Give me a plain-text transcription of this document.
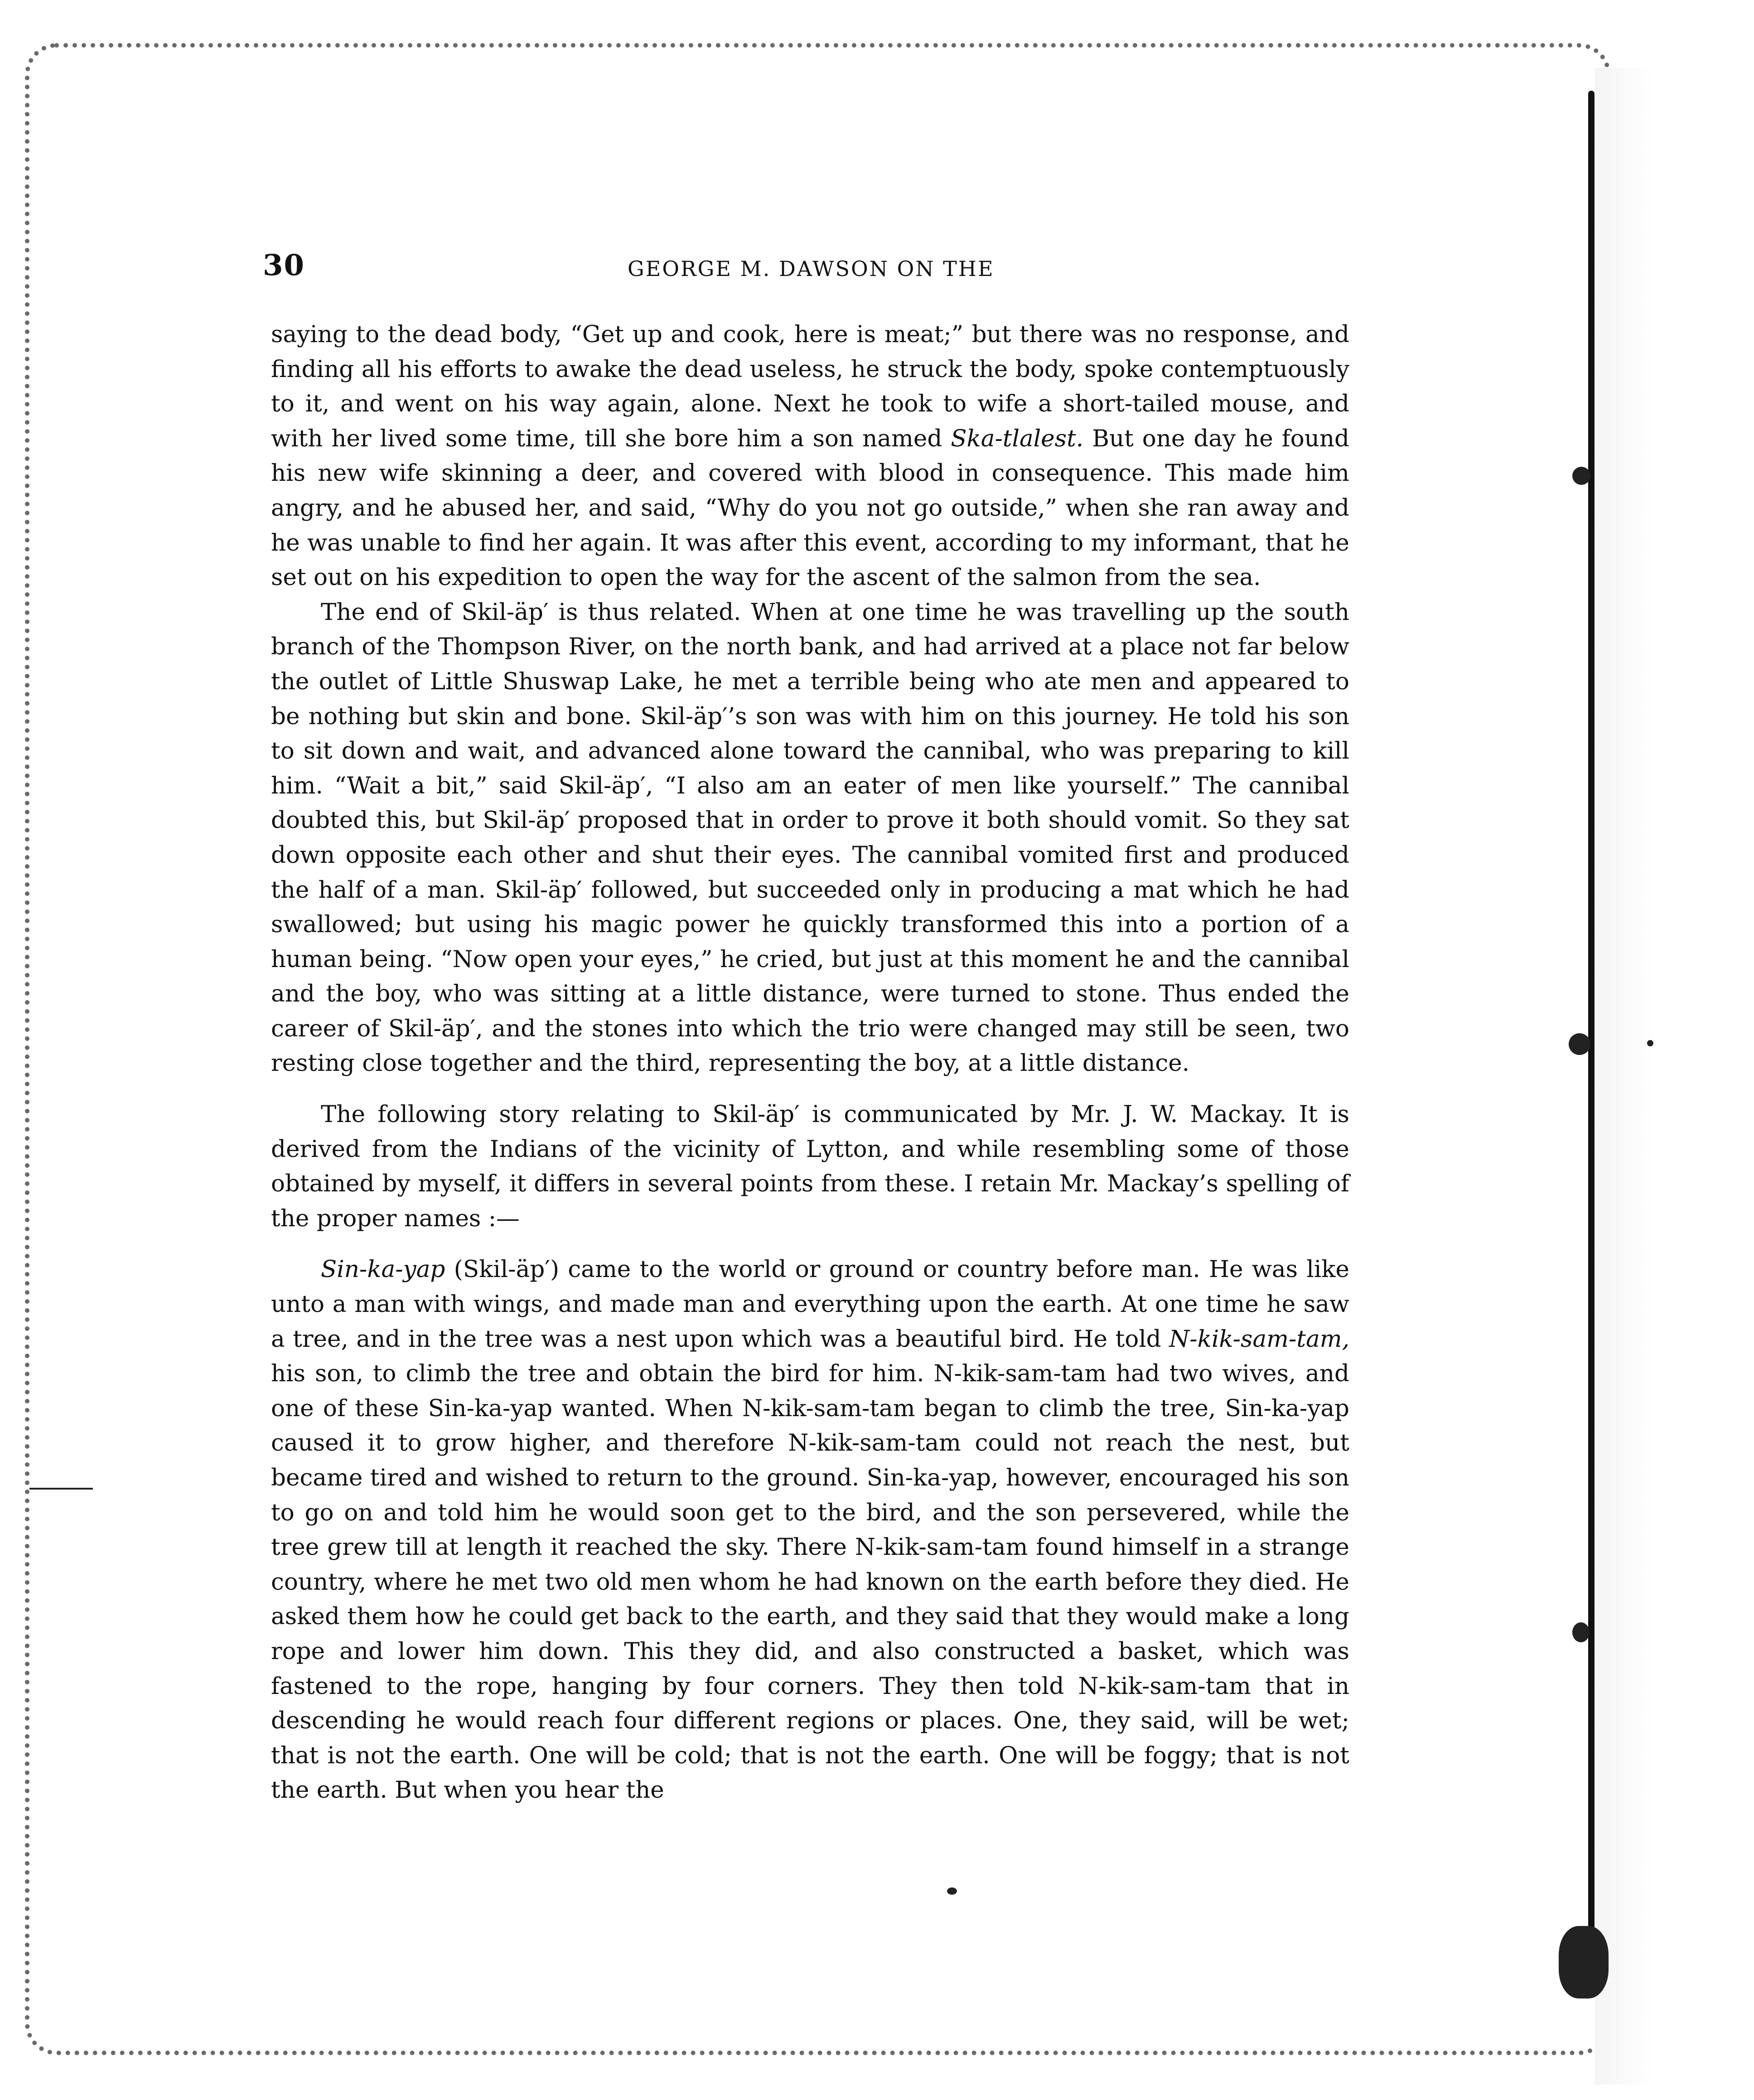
30	GEORGE M. DAWSON ON THE

saying to the dead body, “Get up and cook, here is meat;” but there was no response, and finding all his efforts to awake the dead useless, he struck the body, spoke contemptuously to it, and went on his way again, alone. Next he took to wife a short-tailed mouse, and with her lived some time, till she bore him a son named Ska-tlalest. But one day he found his new wife skinning a deer, and covered with blood in consequence. This made him angry, and he abused her, and said, “Why do you not go outside,” when she ran away and he was unable to find her again. It was after this event, according to my informant, that he set out on his expedition to open the way for the ascent of the salmon from the sea.

The end of Skil-äp′ is thus related. When at one time he was travelling up the south branch of the Thompson River, on the north bank, and had arrived at a place not far below the outlet of Little Shuswap Lake, he met a terrible being who ate men and appeared to be nothing but skin and bone. Skil-äp′’s son was with him on this journey. He told his son to sit down and wait, and advanced alone toward the cannibal, who was preparing to kill him. “Wait a bit,” said Skil-äp′, “I also am an eater of men like yourself.” The cannibal doubted this, but Skil-äp′ proposed that in order to prove it both should vomit. So they sat down opposite each other and shut their eyes. The cannibal vomited first and produced the half of a man. Skil-äp′ followed, but succeeded only in producing a mat which he had swallowed; but using his magic power he quickly transformed this into a portion of a human being. “Now open your eyes,” he cried, but just at this moment he and the cannibal and the boy, who was sitting at a little distance, were turned to stone. Thus ended the career of Skil-äp′, and the stones into which the trio were changed may still be seen, two resting close together and the third, representing the boy, at a little distance.

The following story relating to Skil-äp′ is communicated by Mr. J. W. Mackay. It is derived from the Indians of the vicinity of Lytton, and while resembling some of those obtained by myself, it differs in several points from these. I retain Mr. Mackay’s spelling of the proper names :—

Sin-ka-yap (Skil-äp′) came to the world or ground or country before man. He was like unto a man with wings, and made man and everything upon the earth. At one time he saw a tree, and in the tree was a nest upon which was a beautiful bird. He told N-kik-sam-tam, his son, to climb the tree and obtain the bird for him. N-kik-sam-tam had two wives, and one of these Sin-ka-yap wanted. When N-kik-sam-tam began to climb the tree, Sin-ka-yap caused it to grow higher, and therefore N-kik-sam-tam could not reach the nest, but became tired and wished to return to the ground. Sin-ka-yap, however, encouraged his son to go on and told him he would soon get to the bird, and the son persevered, while the tree grew till at length it reached the sky. There N-kik-sam-tam found himself in a strange country, where he met two old men whom he had known on the earth before they died. He asked them how he could get back to the earth, and they said that they would make a long rope and lower him down. This they did, and also constructed a basket, which was fastened to the rope, hanging by four corners. They then told N-kik-sam-tam that in descending he would reach four different regions or places. One, they said, will be wet; that is not the earth. One will be cold; that is not the earth. One will be foggy; that is not the earth. But when you hear the
